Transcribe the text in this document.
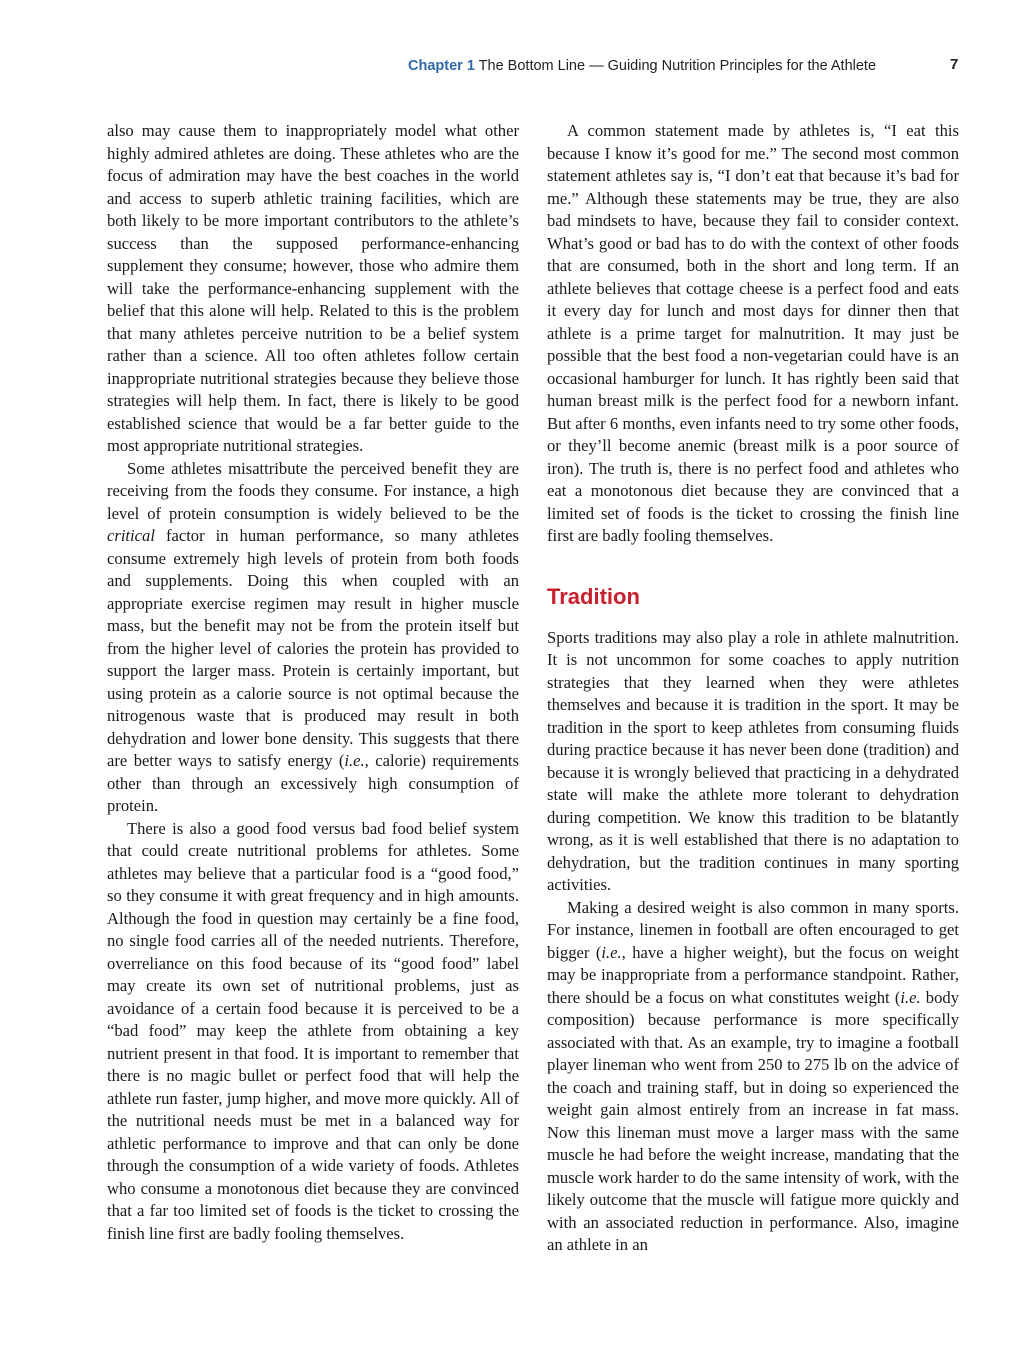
Chapter 1 The Bottom Line — Guiding Nutrition Principles for the Athlete	7

also may cause them to inappropriately model what other highly admired athletes are doing. These athletes who are the focus of admiration may have the best coaches in the world and access to superb athletic training facilities, which are both likely to be more important contributors to the athlete’s success than the supposed performance-enhancing supplement they consume; however, those who admire them will take the performance-enhancing supplement with the belief that this alone will help. Related to this is the problem that many athletes perceive nutrition to be a belief system rather than a science. All too often athletes follow certain inappropriate nutritional strategies because they believe those strategies will help them. In fact, there is likely to be good established science that would be a far better guide to the most appropriate nutritional strategies.

Some athletes misattribute the perceived benefit they are receiving from the foods they consume. For instance, a high level of protein consumption is widely believed to be the critical factor in human performance, so many athletes consume extremely high levels of protein from both foods and supplements. Doing this when coupled with an appropriate exercise regimen may result in higher muscle mass, but the benefit may not be from the protein itself but from the higher level of calories the protein has provided to support the larger mass. Protein is certainly important, but using protein as a calorie source is not optimal because the nitrogenous waste that is produced may result in both dehydration and lower bone density. This suggests that there are better ways to satisfy energy (i.e., calorie) requirements other than through an excessively high consumption of protein.

There is also a good food versus bad food belief system that could create nutritional problems for athletes. Some athletes may believe that a particular food is a “good food,” so they consume it with great frequency and in high amounts. Although the food in question may certainly be a fine food, no single food carries all of the needed nutrients. Therefore, overreliance on this food because of its “good food” label may create its own set of nutritional problems, just as avoidance of a certain food because it is perceived to be a “bad food” may keep the athlete from obtaining a key nutrient present in that food. It is important to remember that there is no magic bullet or perfect food that will help the athlete run faster, jump higher, and move more quickly. All of the nutritional needs must be met in a balanced way for athletic performance to improve and that can only be done through the consumption of a wide variety of foods. Athletes who consume a monotonous diet because they are convinced that a far too limited set of foods is the ticket to crossing the finish line first are badly fooling themselves.

A common statement made by athletes is, “I eat this because I know it’s good for me.” The second most common statement athletes say is, “I don’t eat that because it’s bad for me.” Although these statements may be true, they are also bad mindsets to have, because they fail to consider context. What’s good or bad has to do with the context of other foods that are consumed, both in the short and long term. If an athlete believes that cottage cheese is a perfect food and eats it every day for lunch and most days for dinner then that athlete is a prime target for malnutrition. It may just be possible that the best food a non-vegetarian could have is an occasional hamburger for lunch. It has rightly been said that human breast milk is the perfect food for a newborn infant. But after 6 months, even infants need to try some other foods, or they’ll become anemic (breast milk is a poor source of iron). The truth is, there is no perfect food and athletes who eat a monotonous diet because they are convinced that a limited set of foods is the ticket to crossing the finish line first are badly fooling themselves.

Tradition

Sports traditions may also play a role in athlete malnutrition. It is not uncommon for some coaches to apply nutrition strategies that they learned when they were athletes themselves and because it is tradition in the sport. It may be tradition in the sport to keep athletes from consuming fluids during practice because it has never been done (tradition) and because it is wrongly believed that practicing in a dehydrated state will make the athlete more tolerant to dehydration during competition. We know this tradition to be blatantly wrong, as it is well established that there is no adaptation to dehydration, but the tradition continues in many sporting activities.

Making a desired weight is also common in many sports. For instance, linemen in football are often encouraged to get bigger (i.e., have a higher weight), but the focus on weight may be inappropriate from a performance standpoint. Rather, there should be a focus on what constitutes weight (i.e. body composition) because performance is more specifically associated with that. As an example, try to imagine a football player lineman who went from 250 to 275 lb on the advice of the coach and training staff, but in doing so experienced the weight gain almost entirely from an increase in fat mass. Now this lineman must move a larger mass with the same muscle he had before the weight increase, mandating that the muscle work harder to do the same intensity of work, with the likely outcome that the muscle will fatigue more quickly and with an associated reduction in performance. Also, imagine an athlete in an
